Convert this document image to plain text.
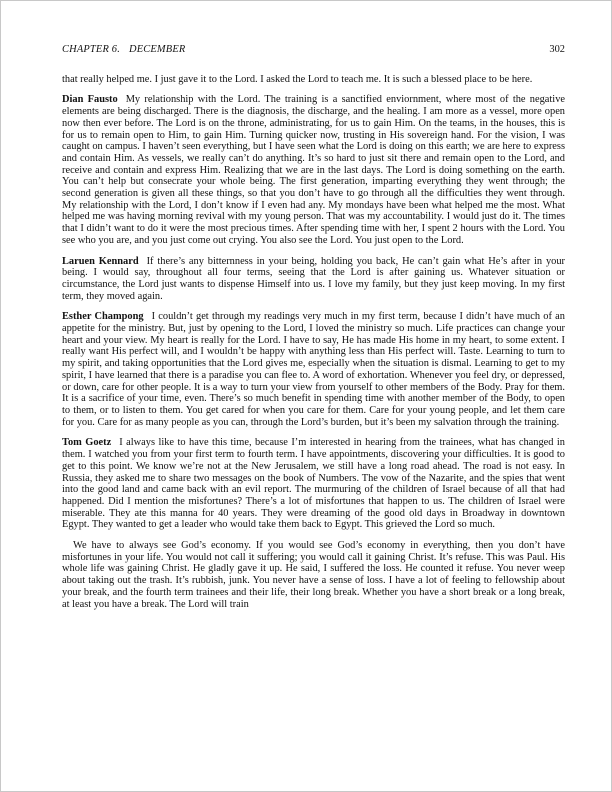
CHAPTER 6. DECEMBER	302

that really helped me. I just gave it to the Lord. I asked the Lord to teach me. It is such a blessed place to be here.

Dian Fausto My relationship with the Lord. The training is a sanctified enviornment, where most of the negative elements are being discharged. There is the diagnosis, the discharge, and the healing. I am more as a vessel, more open now then ever before. The Lord is on the throne, administrating, for us to gain Him. On the teams, in the houses, this is for us to remain open to Him, to gain Him. Turning quicker now, trusting in His sovereign hand. For the vision, I was caught on campus. I haven’t seen everything, but I have seen what the Lord is doing on this earth; we are here to express and contain Him. As vessels, we really can’t do anything. It’s so hard to just sit there and remain open to the Lord, and receive and contain and express Him. Realizing that we are in the last days. The Lord is doing something on the earth. You can’t help but consecrate your whole being. The first generation, imparting everything they went through; the second generation is given all these things, so that you don’t have to go through all the difficulties they went through. My relationship with the Lord, I don’t know if I even had any. My mondays have been what helped me the most. What helped me was having morning revival with my young person. That was my accountability. I would just do it. The times that I didn’t want to do it were the most precious times. After spending time with her, I spent 2 hours with the Lord. You see who you are, and you just come out crying. You also see the Lord. You just open to the Lord.

Laruen Kennard If there’s any bitternness in your being, holding you back, He can’t gain what He’s after in your being. I would say, throughout all four terms, seeing that the Lord is after gaining us. Whatever situation or circumstance, the Lord just wants to dispense Himself into us. I love my family, but they just keep moving. In my first term, they moved again.

Esther Champong I couldn’t get through my readings very much in my first term, because I didn’t have much of an appetite for the ministry. But, just by opening to the Lord, I loved the ministry so much. Life practices can change your heart and your view. My heart is really for the Lord. I have to say, He has made His home in my heart, to some extent. I really want His perfect will, and I wouldn’t be happy with anything less than His perfect will. Taste. Learning to turn to my spirit, and taking opportunities that the Lord gives me, especially when the situation is dismal. Learning to get to my spirit, I have learned that there is a paradise you can flee to. A word of exhortation. Whenever you feel dry, or depressed, or down, care for other people. It is a way to turn your view from yourself to other members of the Body. Pray for them. It is a sacrifice of your time, even. There’s so much benefit in spending time with another member of the Body, to open to them, or to listen to them. You get cared for when you care for them. Care for your young people, and let them care for you. Care for as many people as you can, through the Lord’s burden, but it’s been my salvation through the training.

Tom Goetz I always like to have this time, because I’m interested in hearing from the trainees, what has changed in them. I watched you from your first term to fourth term. I have appointments, discovering your difficulties. It is good to get to this point. We know we’re not at the New Jerusalem, we still have a long road ahead. The road is not easy. In Russia, they asked me to share two messages on the book of Numbers. The vow of the Nazarite, and the spies that went into the good land and came back with an evil report. The murmuring of the children of Israel because of all that had happened. Did I mention the misfortunes? There’s a lot of misfortunes that happen to us. The children of Israel were miserable. They ate this manna for 40 years. They were dreaming of the good old days in Broadway in downtown Egypt. They wanted to get a leader who would take them back to Egypt. This grieved the Lord so much.

We have to always see God’s economy. If you would see God’s economy in everything, then you don’t have misfortunes in your life. You would not call it suffering; you would call it gaining Christ. It’s refuse. This was Paul. His whole life was gaining Christ. He gladly gave it up. He said, I suffered the loss. He counted it refuse. You never weep about taking out the trash. It’s rubbish, junk. You never have a sense of loss. I have a lot of feeling to fellowship about your break, and the fourth term trainees and their life, their long break. Whether you have a short break or a long break, at least you have a break. The Lord will train
